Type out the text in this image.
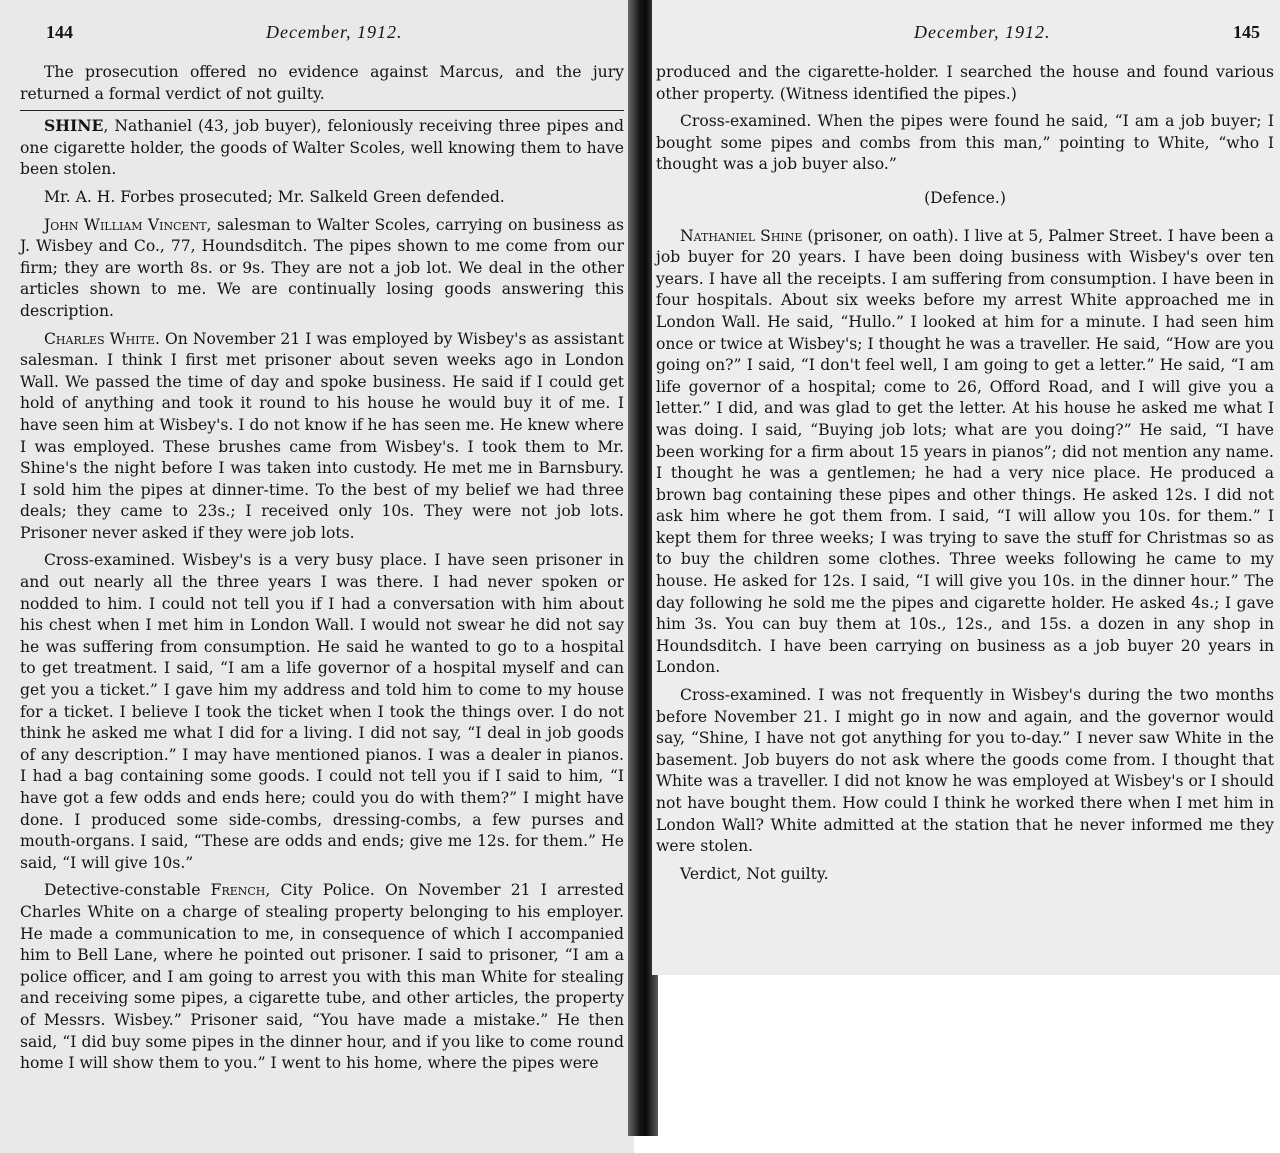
144	December, 1912.

The prosecution offered no evidence against Marcus, and the jury returned a formal verdict of not guilty.

SHINE, Nathaniel (43, job buyer), feloniously receiving three pipes and one cigarette holder, the goods of Walter Scoles, well knowing them to have been stolen.

Mr. A. H. Forbes prosecuted; Mr. Salkeld Green defended.

John William Vincent, salesman to Walter Scoles, carrying on business as J. Wisbey and Co., 77, Houndsditch. The pipes shown to me come from our firm; they are worth 8s. or 9s. They are not a job lot. We deal in the other articles shown to me. We are continually losing goods answering this description.

Charles White. On November 21 I was employed by Wisbey's as assistant salesman. I think I first met prisoner about seven weeks ago in London Wall. We passed the time of day and spoke business. He said if I could get hold of anything and took it round to his house he would buy it of me. I have seen him at Wisbey's. I do not know if he has seen me. He knew where I was employed. These brushes came from Wisbey's. I took them to Mr. Shine's the night before I was taken into custody. He met me in Barnsbury. I sold him the pipes at dinner-time. To the best of my belief we had three deals; they came to 23s.; I received only 10s. They were not job lots. Prisoner never asked if they were job lots.

Cross-examined. Wisbey's is a very busy place. I have seen prisoner in and out nearly all the three years I was there. I had never spoken or nodded to him. I could not tell you if I had a conversation with him about his chest when I met him in London Wall. I would not swear he did not say he was suffering from consumption. He said he wanted to go to a hospital to get treatment. I said, “I am a life governor of a hospital myself and can get you a ticket.” I gave him my address and told him to come to my house for a ticket. I believe I took the ticket when I took the things over. I do not think he asked me what I did for a living. I did not say, “I deal in job goods of any description.” I may have mentioned pianos. I was a dealer in pianos. I had a bag containing some goods. I could not tell you if I said to him, “I have got a few odds and ends here; could you do with them?” I might have done. I produced some side-combs, dressing-combs, a few purses and mouth-organs. I said, “These are odds and ends; give me 12s. for them.” He said, “I will give 10s.”

Detective-constable French, City Police. On November 21 I arrested Charles White on a charge of stealing property belonging to his employer. He made a communication to me, in consequence of which I accompanied him to Bell Lane, where he pointed out prisoner. I said to prisoner, “I am a police officer, and I am going to arrest you with this man White for stealing and receiving some pipes, a cigarette tube, and other articles, the property of Messrs. Wisbey.” Prisoner said, “You have made a mistake.” He then said, “I did buy some pipes in the dinner hour, and if you like to come round home I will show them to you.” I went to his home, where the pipes were

December, 1912.	145

produced and the cigarette-holder. I searched the house and found various other property. (Witness identified the pipes.)

Cross-examined. When the pipes were found he said, “I am a job buyer; I bought some pipes and combs from this man,” pointing to White, “who I thought was a job buyer also.”

(Defence.)

Nathaniel Shine (prisoner, on oath). I live at 5, Palmer Street. I have been a job buyer for 20 years. I have been doing business with Wisbey's over ten years. I have all the receipts. I am suffering from consumption. I have been in four hospitals. About six weeks before my arrest White approached me in London Wall. He said, “Hullo.” I looked at him for a minute. I had seen him once or twice at Wisbey's; I thought he was a traveller. He said, “How are you going on?” I said, “I don't feel well, I am going to get a letter.” He said, “I am life governor of a hospital; come to 26, Offord Road, and I will give you a letter.” I did, and was glad to get the letter. At his house he asked me what I was doing. I said, “Buying job lots; what are you doing?” He said, “I have been working for a firm about 15 years in pianos”; did not mention any name. I thought he was a gentlemen; he had a very nice place. He produced a brown bag containing these pipes and other things. He asked 12s. I did not ask him where he got them from. I said, “I will allow you 10s. for them.” I kept them for three weeks; I was trying to save the stuff for Christmas so as to buy the children some clothes. Three weeks following he came to my house. He asked for 12s. I said, “I will give you 10s. in the dinner hour.” The day following he sold me the pipes and cigarette holder. He asked 4s.; I gave him 3s. You can buy them at 10s., 12s., and 15s. a dozen in any shop in Houndsditch. I have been carrying on business as a job buyer 20 years in London.

Cross-examined. I was not frequently in Wisbey's during the two months before November 21. I might go in now and again, and the governor would say, “Shine, I have not got anything for you to-day.” I never saw White in the basement. Job buyers do not ask where the goods come from. I thought that White was a traveller. I did not know he was employed at Wisbey's or I should not have bought them. How could I think he worked there when I met him in London Wall? White admitted at the station that he never informed me they were stolen.

Verdict, Not guilty.
